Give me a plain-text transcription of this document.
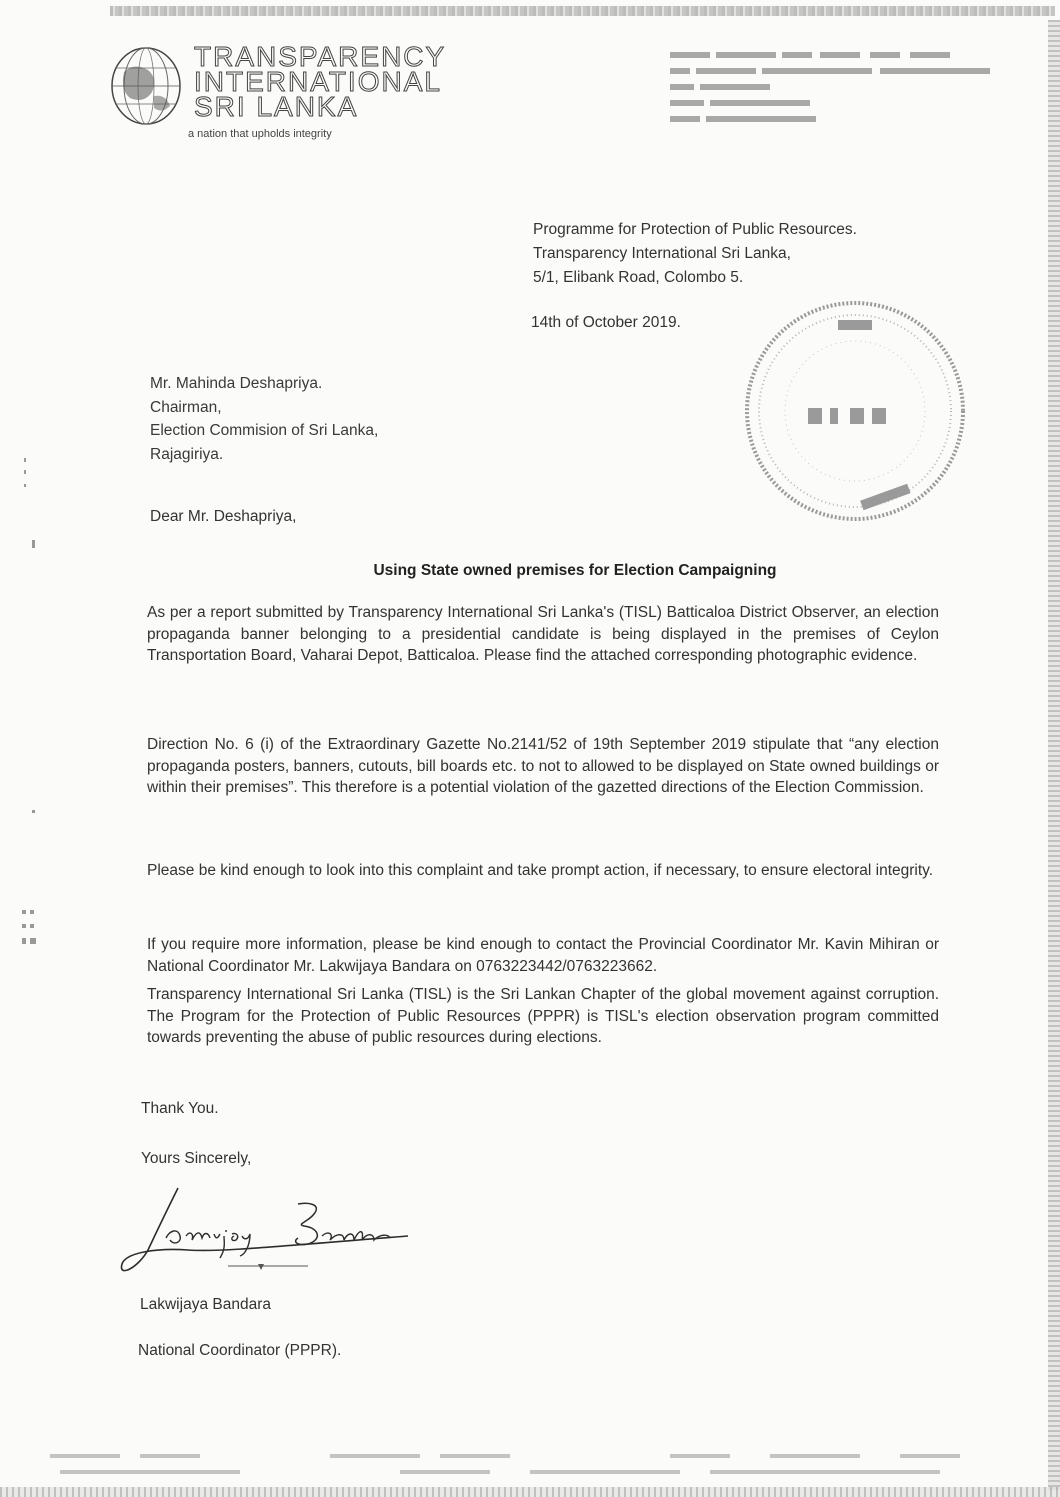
TRANSPARENCY
INTERNATIONAL
SRI LANKA
a nation that upholds integrity
Programme for Protection of Public Resources.
Transparency International Sri Lanka,
5/1, Elibank Road, Colombo 5.
14th of October 2019.
Mr. Mahinda Deshapriya.
Chairman,
Election Commision of Sri Lanka,
Rajagiriya.
Dear Mr. Deshapriya,
Using State owned premises for Election Campaigning
As per a report submitted by Transparency International Sri Lanka's (TISL) Batticaloa District Observer, an election propaganda banner belonging to a presidential candidate is being displayed in the premises of Ceylon Transportation Board, Vaharai Depot, Batticaloa. Please find the attached corresponding photographic evidence.
Direction No. 6 (i) of the Extraordinary Gazette No.2141/52 of 19th September 2019 stipulate that “any election propaganda posters, banners, cutouts, bill boards etc. to not to allowed to be displayed on State owned buildings or within their premises”. This therefore is a potential violation of the gazetted directions of the Election Commission.
Please be kind enough to look into this complaint and take prompt action, if necessary, to ensure electoral integrity.
If you require more information, please be kind enough to contact the Provincial Coordinator Mr. Kavin Mihiran or National Coordinator Mr. Lakwijaya Bandara on 0763223442/0763223662.
Transparency International Sri Lanka (TISL) is the Sri Lankan Chapter of the global movement against corruption. The Program for the Protection of Public Resources (PPPR) is TISL's election observation program committed towards preventing the abuse of public resources during elections.
Thank You.
Yours Sincerely,
Lakwijaya Bandara
National Coordinator (PPPR).
